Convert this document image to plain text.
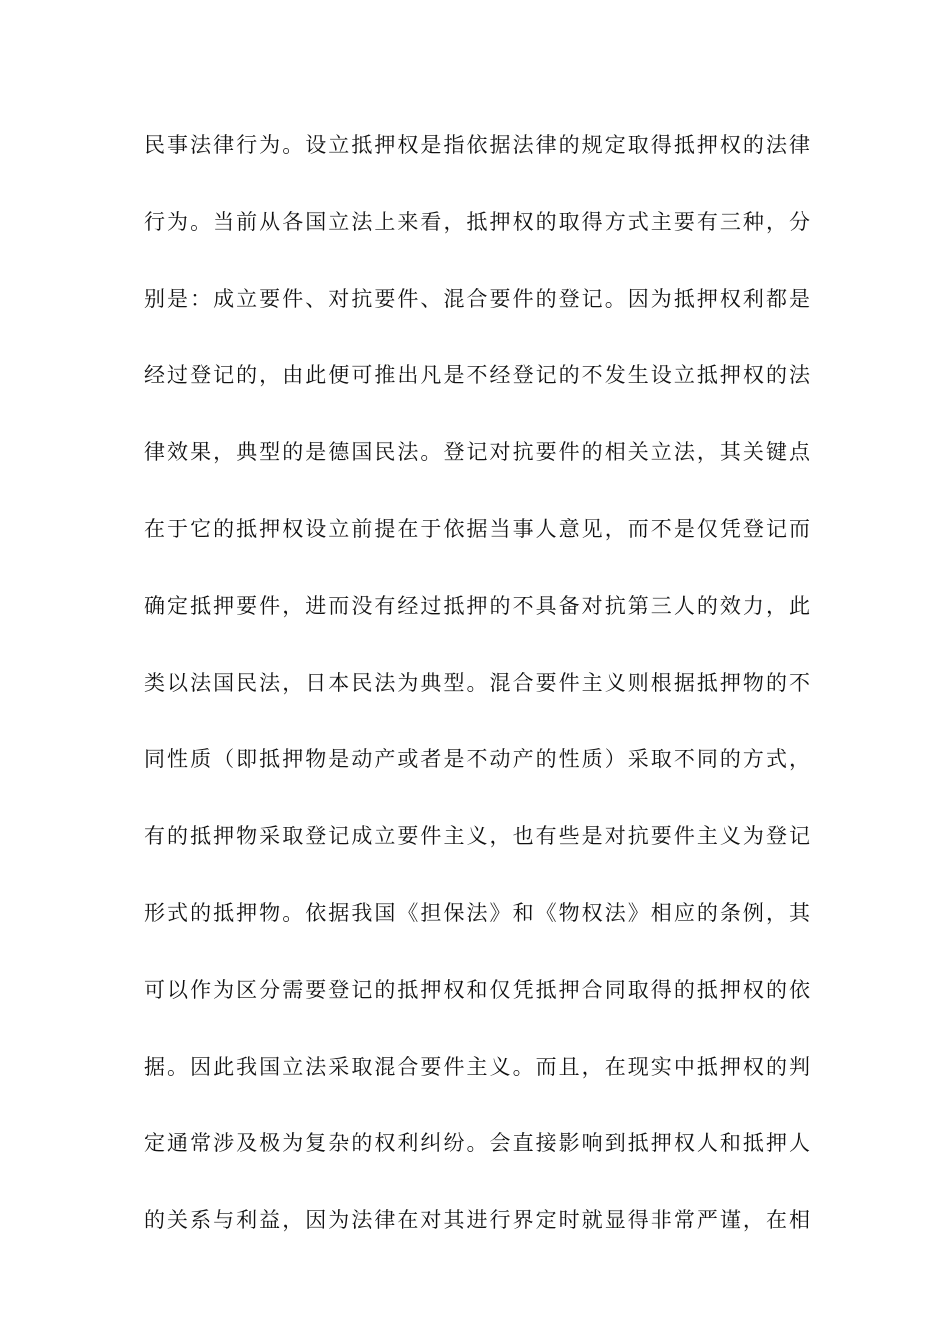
民事法律行为。设立抵押权是指依据法律的规定取得抵押权的法律
行为。当前从各国立法上来看，抵押权的取得方式主要有三种，分
别是：成立要件、对抗要件、混合要件的登记。因为抵押权利都是
经过登记的，由此便可推出凡是不经登记的不发生设立抵押权的法
律效果，典型的是德国民法。登记对抗要件的相关立法，其关键点
在于它的抵押权设立前提在于依据当事人意见，而不是仅凭登记而
确定抵押要件，进而没有经过抵押的不具备对抗第三人的效力，此
类以法国民法，日本民法为典型。混合要件主义则根据抵押物的不
同性质（即抵押物是动产或者是不动产的性质）采取不同的方式，
有的抵押物采取登记成立要件主义，也有些是对抗要件主义为登记
形式的抵押物。依据我国《担保法》和《物权法》相应的条例，其
可以作为区分需要登记的抵押权和仅凭抵押合同取得的抵押权的依
据。因此我国立法采取混合要件主义。而且，在现实中抵押权的判
定通常涉及极为复杂的权利纠纷。会直接影响到抵押权人和抵押人
的关系与利益，因为法律在对其进行界定时就显得非常严谨，在相
